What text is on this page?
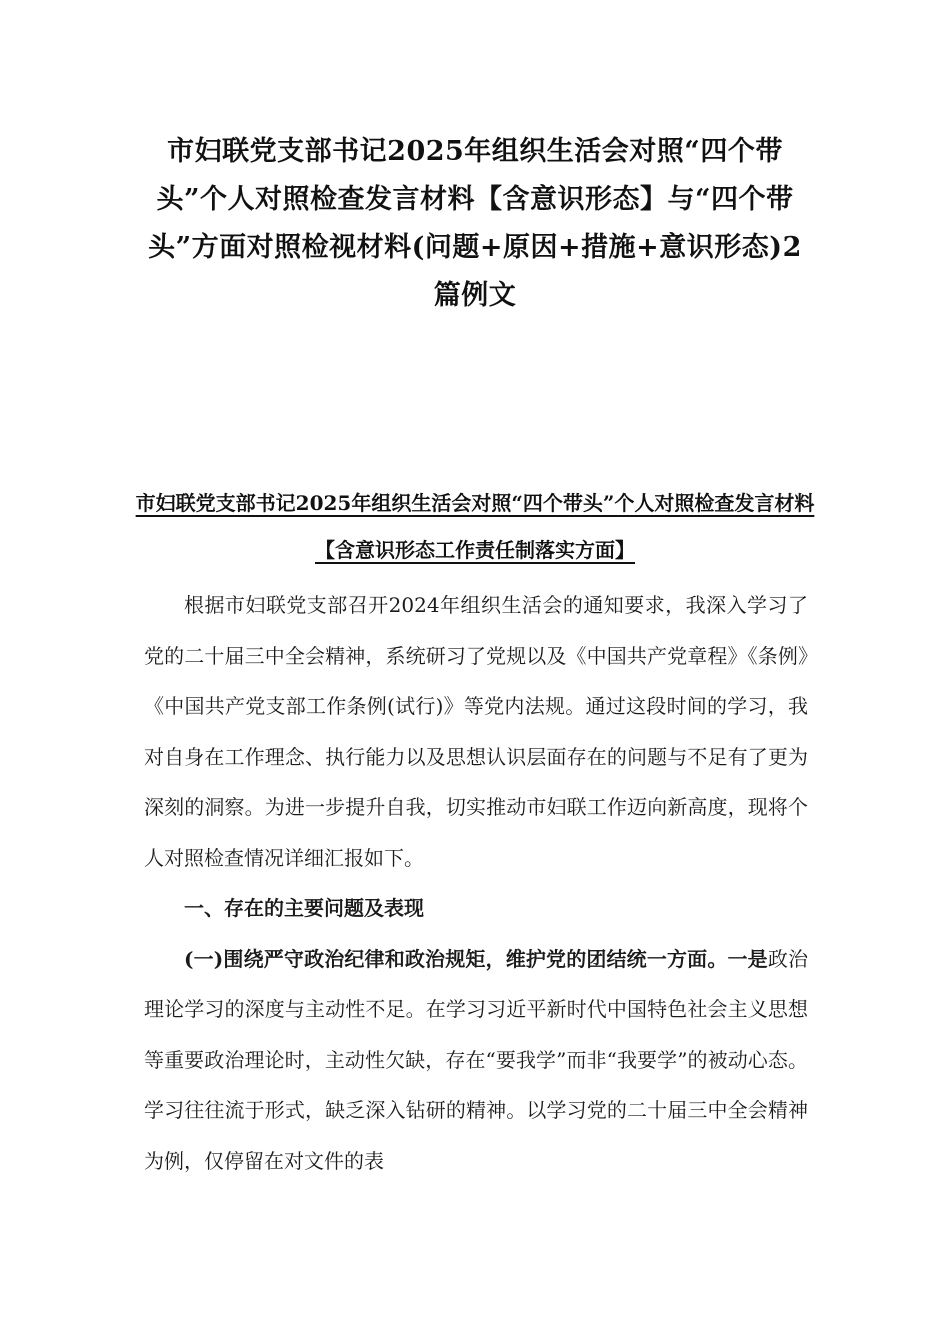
市妇联党支部书记2025年组织生活会对照“四个带头”个人对照检查发言材料【含意识形态】与“四个带头”方面对照检视材料(问题+原因+措施+意识形态)2篇例文
市妇联党支部书记2025年组织生活会对照“四个带头”个人对照检查发言材料【含意识形态工作责任制落实方面】

根据市妇联党支部召开2024年组织生活会的通知要求，我深入学习了党的二十届三中全会精神，系统研习了党规以及《中国共产党章程》《条例》《中国共产党支部工作条例(试行)》等党内法规。通过这段时间的学习，我对自身在工作理念、执行能力以及思想认识层面存在的问题与不足有了更为深刻的洞察。为进一步提升自我，切实推动市妇联工作迈向新高度，现将个人对照检查情况详细汇报如下。

一、存在的主要问题及表现

(一)围绕严守政治纪律和政治规矩，维护党的团结统一方面。一是政治理论学习的深度与主动性不足。在学习习近平新时代中国特色社会主义思想等重要政治理论时，主动性欠缺，存在“要我学”而非“我要学”的被动心态。学习往往流于形式，缺乏深入钻研的精神。以学习党的二十届三中全会精神为例，仅停留在对文件的表
